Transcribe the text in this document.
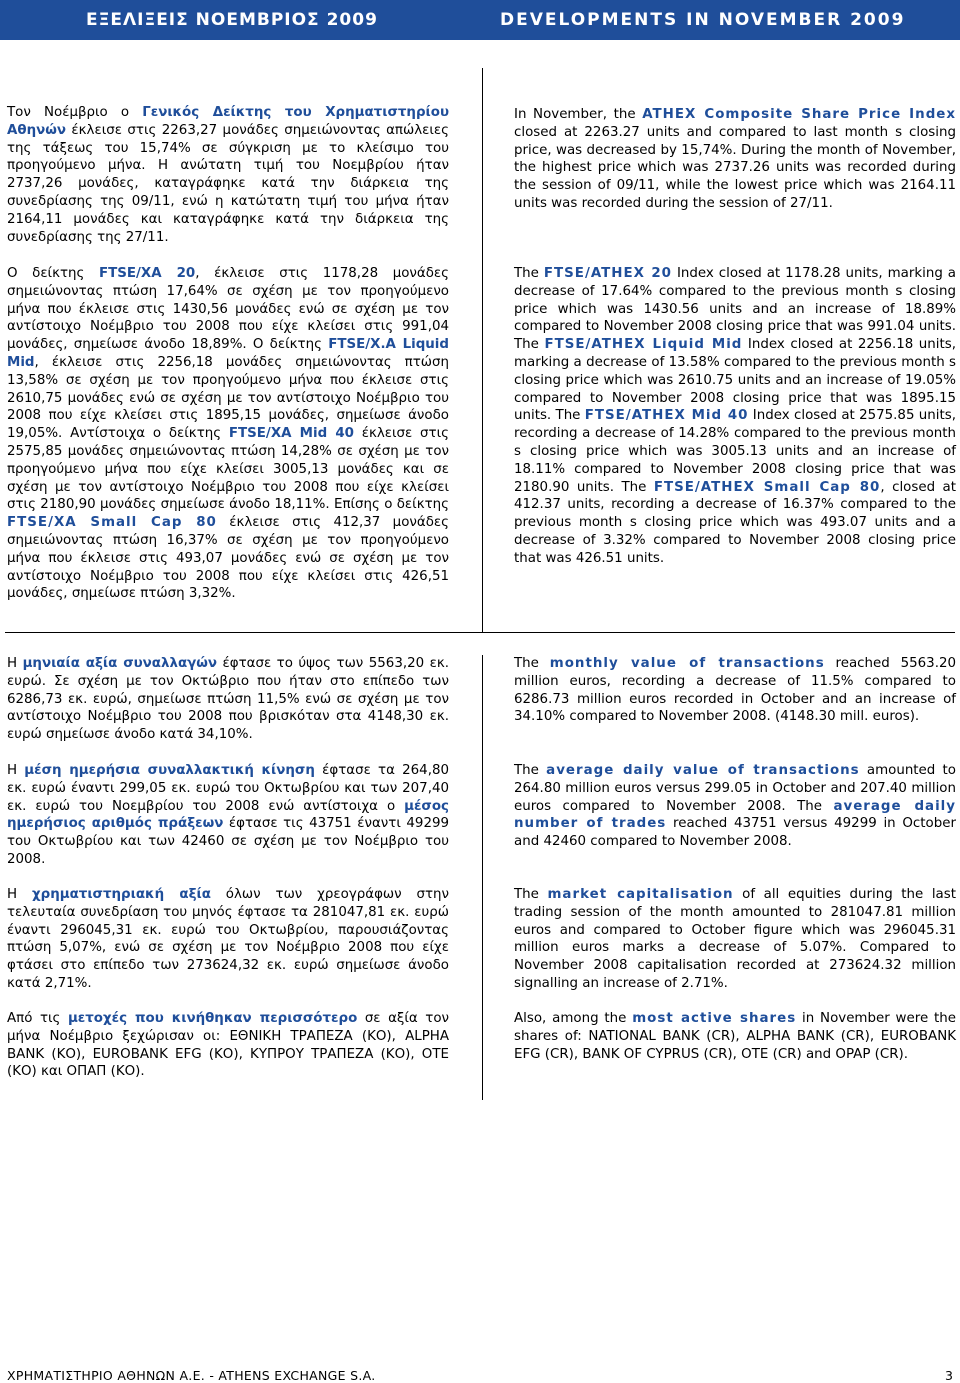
ΕΞΕΛΙΞΕΙΣ ΝΟΕΜΒΡΙΟΣ 2009	DEVELOPMENTS IN NOVEMBER 2009

Τον Νοέμβριο ο Γενικός Δείκτης του Χρηματιστηρίου Αθηνών έκλεισε στις 2263,27 μονάδες σημειώνοντας απώλειες της τάξεως του 15,74% σε σύγκριση με το κλείσιμο του προηγούμενο μήνα. Η ανώτατη τιμή του Νοεμβρίου ήταν 2737,26 μονάδες, καταγράφηκε κατά την διάρκεια της συνεδρίασης της 09/11, ενώ η κατώτατη τιμή του μήνα ήταν 2164,11 μονάδες και καταγράφηκε κατά την διάρκεια της συνεδρίασης της 27/11.

Ο δείκτης FTSE/XA 20, έκλεισε στις 1178,28 μονάδες σημειώνοντας πτώση 17,64% σε σχέση με τον προηγούμενο μήνα που έκλεισε στις 1430,56 μονάδες ενώ σε σχέση με τον αντίστοιχο Νοέμβριο του 2008 που είχε κλείσει στις 991,04 μονάδες, σημείωσε άνοδο 18,89%. Ο δείκτης FTSE/X.A Liquid Mid, έκλεισε στις 2256,18 μονάδες σημειώνοντας πτώση 13,58% σε σχέση με τον προηγούμενο μήνα που έκλεισε στις 2610,75 μονάδες ενώ σε σχέση με τον αντίστοιχο Νοέμβριο του 2008 που είχε κλείσει στις 1895,15 μονάδες, σημείωσε άνοδο 19,05%. Αντίστοιχα ο δείκτης FTSE/XA Mid 40 έκλεισε στις 2575,85 μονάδες σημειώνοντας πτώση 14,28% σε σχέση με τον προηγούμενο μήνα που είχε κλείσει 3005,13 μονάδες και σε σχέση με τον αντίστοιχο Νοέμβριο του 2008 που είχε κλείσει στις 2180,90 μονάδες σημείωσε άνοδο 18,11%. Επίσης ο δείκτης FTSE/XA Small Cap 80 έκλεισε στις 412,37 μονάδες σημειώνοντας πτώση 16,37% σε σχέση με τον προηγούμενο μήνα που έκλεισε στις 493,07 μονάδες ενώ σε σχέση με τον αντίστοιχο Νοέμβριο του 2008 που είχε κλείσει στις 426,51 μονάδες, σημείωσε πτώση 3,32%.

Η μηνιαία αξία συναλλαγών έφτασε το ύψος των 5563,20 εκ. ευρώ. Σε σχέση με τον Οκτώβριο που ήταν στο επίπεδο των 6286,73 εκ. ευρώ, σημείωσε πτώση 11,5% ενώ σε σχέση με τον αντίστοιχο Νοέμβριο του 2008 που βρισκόταν στα 4148,30 εκ. ευρώ σημείωσε άνοδο κατά 34,10%.

Η μέση ημερήσια συναλλακτική κίνηση έφτασε τα 264,80 εκ. ευρώ έναντι 299,05 εκ. ευρώ του Οκτωβρίου και των 207,40 εκ. ευρώ του Νοεμβρίου του 2008 ενώ αντίστοιχα ο μέσος ημερήσιος αριθμός πράξεων έφτασε τις 43751 έναντι 49299 του Οκτωβρίου και των 42460 σε σχέση με τον Νοέμβριο του 2008.

Η χρηματιστηριακή αξία όλων των χρεογράφων στην τελευταία συνεδρίαση του μηνός έφτασε τα 281047,81 εκ. ευρώ έναντι 296045,31 εκ. ευρώ του Οκτωβρίου, παρουσιάζοντας πτώση 5,07%, ενώ σε σχέση με τον Νοέμβριο 2008 που είχε φτάσει στο επίπεδο των 273624,32 εκ. ευρώ σημείωσε άνοδο κατά 2,71%.

Από τις μετοχές που κινήθηκαν περισσότερο σε αξία τον μήνα Νοέμβριο ξεχώρισαν οι: ΕΘΝΙΚΗ ΤΡΑΠΕΖΑ (ΚΟ), ALPHA BANK (ΚΟ), EUROBANK EFG (ΚΟ), ΚΥΠΡΟΥ ΤΡΑΠΕΖΑ (ΚΟ), ΟΤΕ (ΚΟ) και ΟΠΑΠ (ΚΟ).

In November, the ATHEX Composite Share Price Index closed at 2263.27 units and compared to last month s closing price, was decreased by 15,74%. During the month of November, the highest price which was 2737.26 units was recorded during the session of 09/11, while the lowest price which was 2164.11 units was recorded during the session of 27/11.

The FTSE/ATHEX 20 Index closed at 1178.28 units, marking a decrease of 17.64% compared to the previous month s closing price which was 1430.56 units and an increase of 18.89% compared to November 2008 closing price that was 991.04 units. The FTSE/ATHEX Liquid Mid Index closed at 2256.18 units, marking a decrease of 13.58% compared to the previous month s closing price which was 2610.75 units and an increase of 19.05% compared to November 2008 closing price that was 1895.15 units. The FTSE/ATHEX Mid 40 Index closed at 2575.85 units, recording a decrease of 14.28% compared to the previous month s closing price which was 3005.13 units and an increase of 18.11% compared to November 2008 closing price that was 2180.90 units. The FTSE/ATHEX Small Cap 80, closed at 412.37 units, recording a decrease of 16.37% compared to the previous month s closing price which was 493.07 units and a decrease of 3.32% compared to November 2008 closing price that was 426.51 units.

The monthly value of transactions reached 5563.20 million euros, recording a decrease of 11.5% compared to 6286.73 million euros recorded in October and an increase of 34.10% compared to November 2008. (4148.30 mill. euros).

The average daily value of transactions amounted to 264.80 million euros versus 299.05 in October and 207.40 million euros compared to November 2008. The average daily number of trades reached 43751 versus 49299 in October and 42460 compared to November 2008.

The market capitalisation of all equities during the last trading session of the month amounted to 281047.81 million euros and compared to October figure which was 296045.31 million euros marks a decrease of 5.07%. Compared to November 2008 capitalisation recorded at 273624.32 million signalling an increase of 2.71%.

Also, among the most active shares in November were the shares of: NATIONAL BANK (CR), ALPHA BANK (CR), EUROBANK EFG (CR), BANK OF CYPRUS (CR), OTE (CR) and OPAP (CR).

ΧΡΗΜΑΤΙΣΤΗΡΙΟ ΑΘΗΝΩΝ Α.Ε. - ATHENS EXCHANGE S.A.	3
